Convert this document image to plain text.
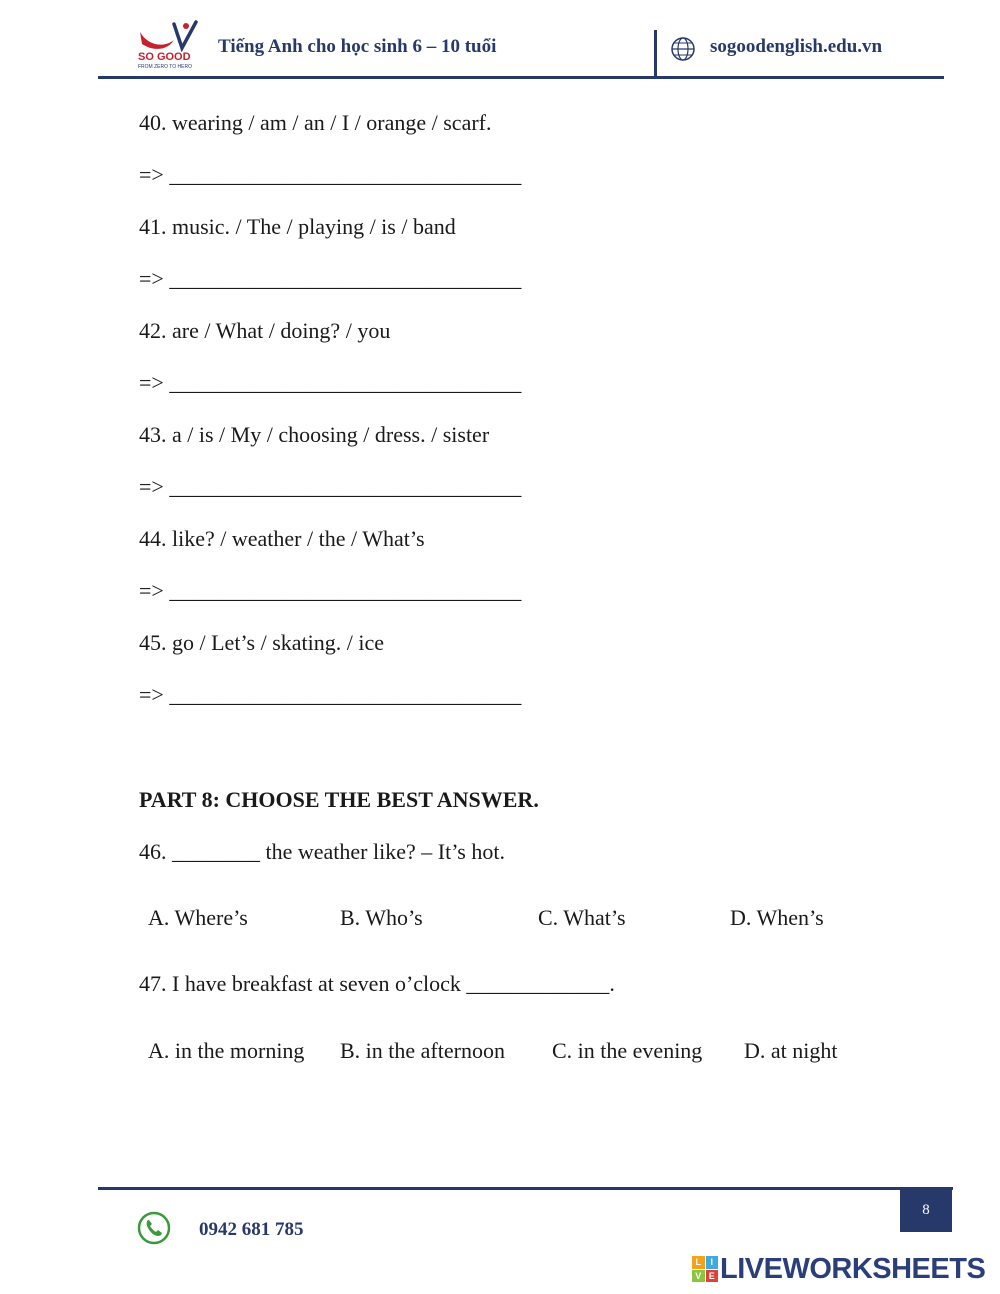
SO GOOD
FROM ZERO TO HERO
Tiếng Anh cho học sinh 6 – 10 tuổi	sogoodenglish.edu.vn
40. wearing / am / an / I / orange / scarf.
=> ________________________________
41. music. / The / playing / is / band
=> ________________________________
42. are / What / doing? / you
=> ________________________________
43. a / is / My / choosing / dress. / sister
=> ________________________________
44. like? / weather / the / What’s
=> ________________________________
45. go / Let’s / skating. / ice
=> ________________________________
PART 8: CHOOSE THE BEST ANSWER.
46. ________ the weather like? – It’s hot.
A. Where’s	B. Who’s	C. What’s	D. When’s
47. I have breakfast at seven o’clock _____________.
A. in the morning B. in the afternoon C. in the evening D. at night
8
0942 681 785
L	I
V E LIVEWORKSHEETS
